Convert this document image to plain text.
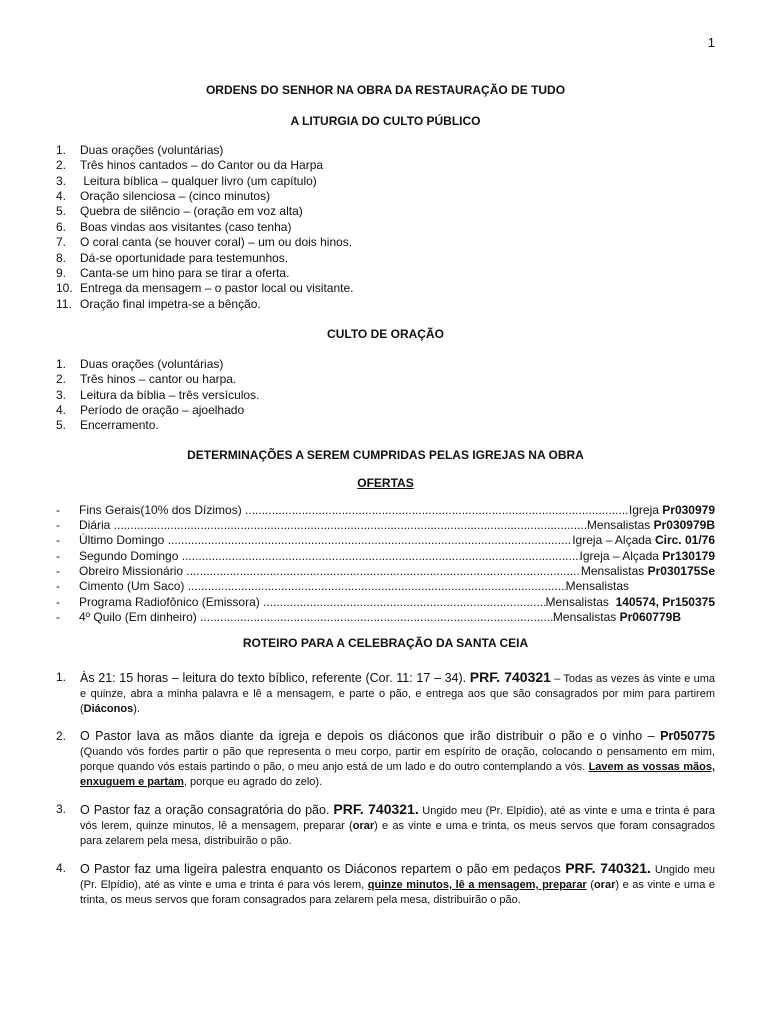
1

ORDENS DO SENHOR NA OBRA DA RESTAURAÇÃO DE TUDO

A LITURGIA DO CULTO PÚBLICO

1.	Duas orações (voluntárias)
2.	Três hinos cantados – do Cantor ou da Harpa
3.	Leitura bíblica – qualquer livro (um capítulo)
4.	Oração silenciosa – (cinco minutos)
5.	Quebra de silêncio – (oração em voz alta)
6.	Boas vindas aos visitantes (caso tenha)
7.	O coral canta (se houver coral) – um ou dois hinos.
8.	Dá-se oportunidade para testemunhos.
9.	Canta-se um hino para se tirar a oferta.
10. Entrega da mensagem – o pastor local ou visitante.
11. Oração final impetra-se a bênção.

CULTO DE ORAÇÃO

1.	Duas orações (voluntárias)
2.	Três hinos – cantor ou harpa.
3.	Leitura da bíblia – três versículos.
4.	Período de oração – ajoelhado
5.	Encerramento.

DETERMINAÇÕES A SEREM CUMPRIDAS PELAS IGREJAS NA OBRA

OFERTAS

-	Fins Gerais(10% dos Dízimos) .....	Igreja Pr030979
-	Diária .....	Mensalistas Pr030979B
-	Último Domingo .....	Igreja – Alçada Circ. 01/76
-	Segundo Domingo .....	Igreja – Alçada Pr130179
-	Obreiro Missionário .....	Mensalistas Pr030175Se
-	Cimento (Um Saco) .....	Mensalistas
-	Programa Radiofônico (Emissora) .....	Mensalistas  140574, Pr150375
-	4º Quilo (Em dinheiro) .....	Mensalistas Pr060779B

ROTEIRO PARA A CELEBRAÇÃO DA SANTA CEIA

1.	Às 21: 15 horas – leitura do texto bíblico, referente (Cor. 11: 17 – 34). PRF. 740321 – Todas as vezes às vinte e uma e quinze, abra a minha palavra e lê a mensagem, e parte o pão, e entrega aos que são consagrados por mim para partirem (Diáconos).
2.	O Pastor lava as mãos diante da igreja e depois os diáconos que irão distribuir o pão e o vinho – Pr050775 (Quando vós fordes partir o pão que representa o meu corpo, partir em espírito de oração, colocando o pensamento em mim, porque quando vós estais partindo o pão, o meu anjo está de um lado e do outro contemplando a vós. Lavem as vossas mãos, enxuguem e partam, porque eu agrado do zelo).
3.	O Pastor faz a oração consagratória do pão. PRF. 740321. Ungido meu (Pr. Elpídio), até as vinte e uma e trinta é para vós lerem, quinze minutos, lê a mensagem, preparar (orar) e as vinte e uma e trinta, os meus servos que foram consagrados para zelarem pela mesa, distribuirão o pão.
4.	O Pastor faz uma ligeira palestra enquanto os Diáconos repartem o pão em pedaços PRF. 740321. Ungido meu (Pr. Elpídio), até as vinte e uma e trinta é para vós lerem, quinze minutos, lê a mensagem, preparar (orar) e as vinte e uma e trinta, os meus servos que foram consagrados para zelarem pela mesa, distribuirão o pão.
